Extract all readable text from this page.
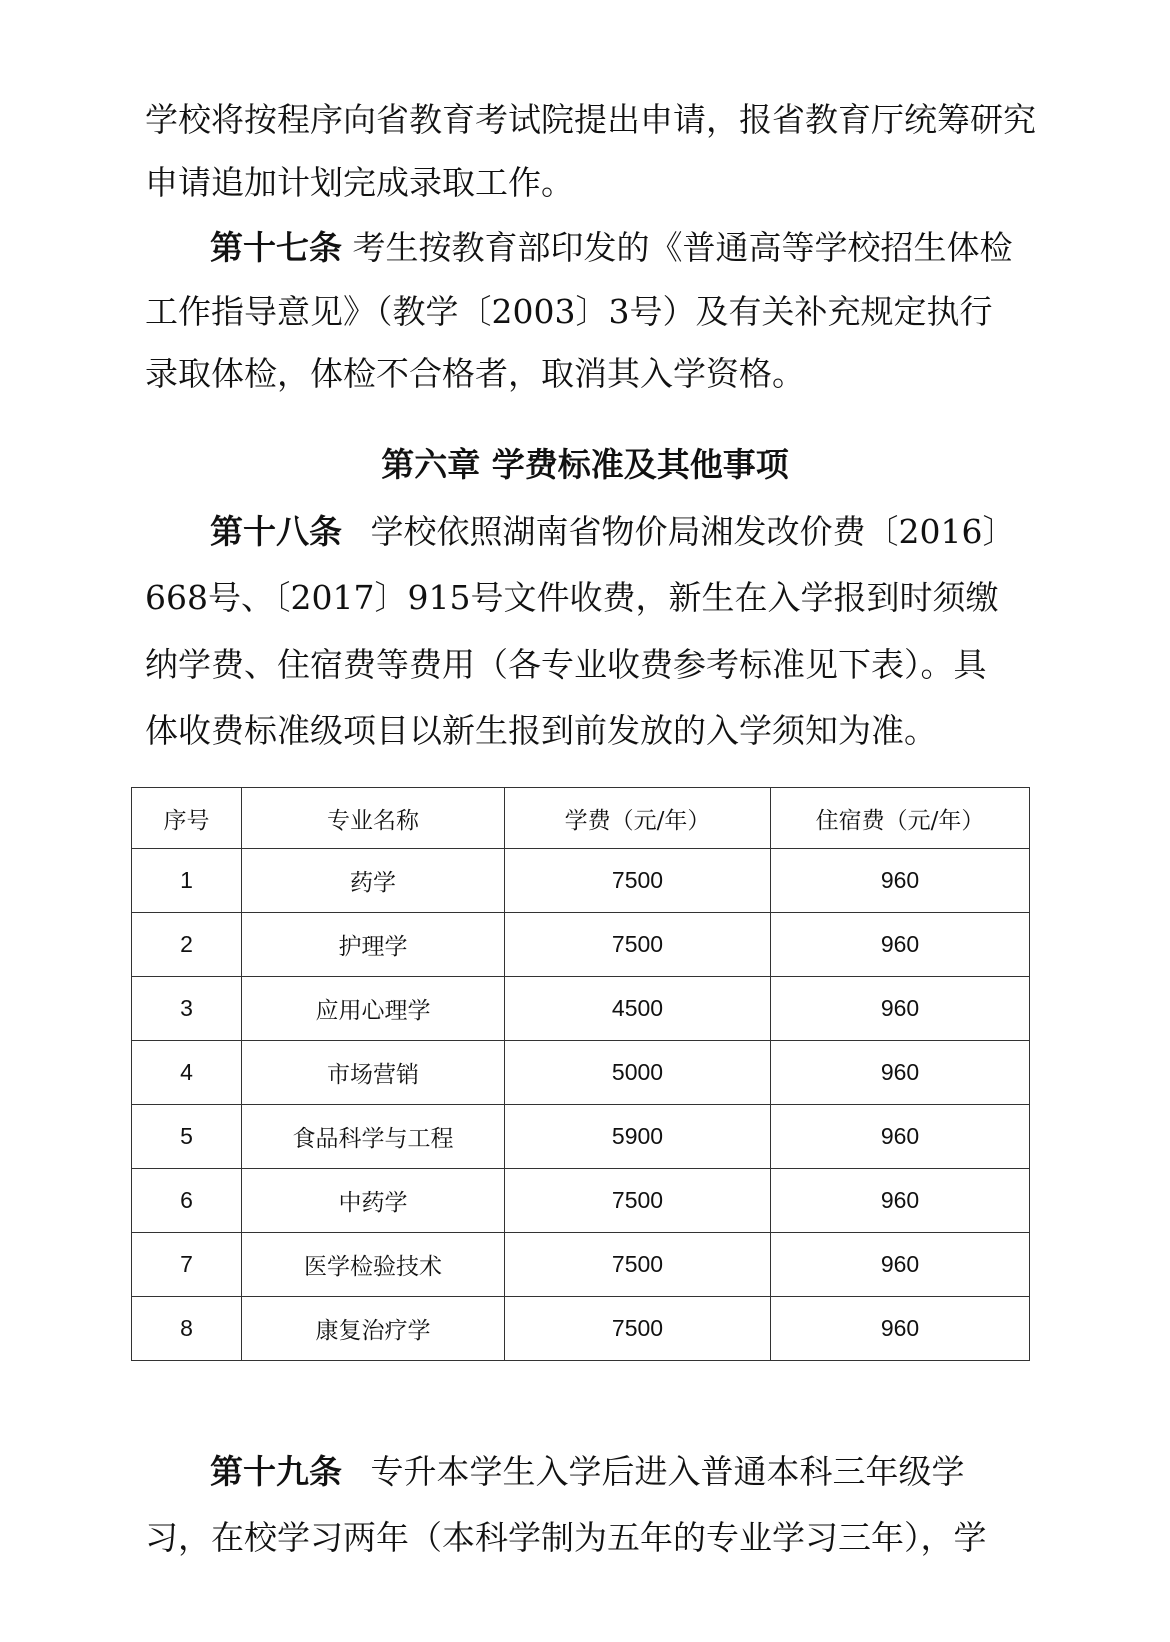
学校将按程序向省教育考试院提出申请，报省教育厅统筹研究
申请追加计划完成录取工作。
第十七条 考生按教育部印发的《普通高等学校招生体检
工作指导意见》（教学〔2003〕3号）及有关补充规定执行
录取体检，体检不合格者，取消其入学资格。
第六章 学费标准及其他事项
第十八条 学校依照湖南省物价局湘发改价费〔2016〕
668号、〔2017〕915号文件收费，新生在入学报到时须缴
纳学费、住宿费等费用（各专业收费参考标准见下表）。具
体收费标准级项目以新生报到前发放的入学须知为准。
序号	专业名称	学费（元/年）	住宿费（元/年）
1	药学	7500	960
2	护理学	7500	960
3	应用心理学	4500	960
4	市场营销	5000	960
5	食品科学与工程	5900	960
6	中药学	7500	960
7	医学检验技术	7500	960
8	康复治疗学	7500	960
第十九条 专升本学生入学后进入普通本科三年级学
习，在校学习两年（本科学制为五年的专业学习三年），学
